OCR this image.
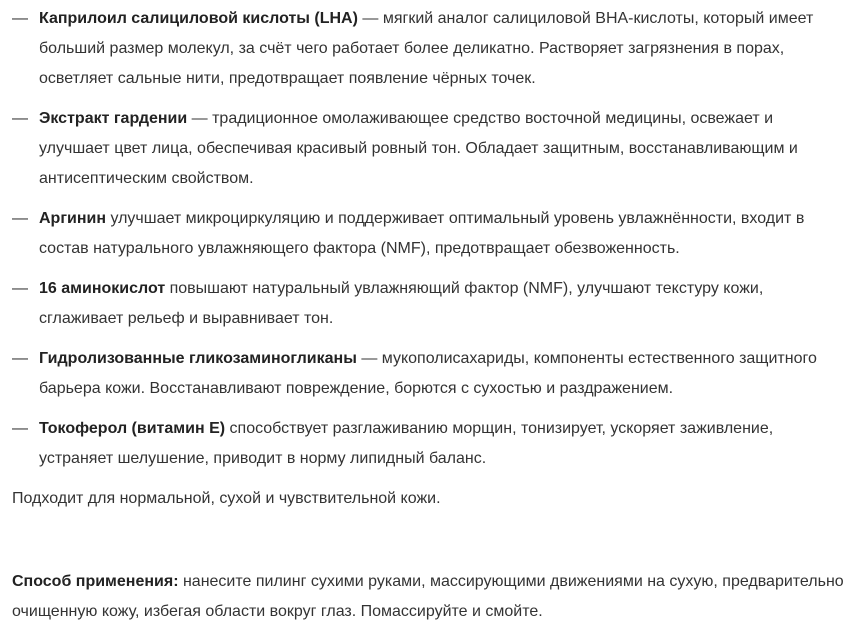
— Каприлоил салициловой кислоты (LHA) — мягкий аналог салициловой BHA-кислоты, который имеет больший размер молекул, за счёт чего работает более деликатно. Растворяет загрязнения в порах, осветляет сальные нити, предотвращает появление чёрных точек.
— Экстракт гардении — традиционное омолаживающее средство восточной медицины, освежает и улучшает цвет лица, обеспечивая красивый ровный тон. Обладает защитным, восстанавливающим и антисептическим свойством.
— Аргинин улучшает микроциркуляцию и поддерживает оптимальный уровень увлажнённости, входит в состав натурального увлажняющего фактора (NMF), предотвращает обезвоженность.
— 16 аминокислот повышают натуральный увлажняющий фактор (NMF), улучшают текстуру кожи, сглаживает рельеф и выравнивает тон.
— Гидролизованные гликозаминогликаны — мукополисахариды, компоненты естественного защитного барьера кожи. Восстанавливают повреждение, борются с сухостью и раздражением.
— Токоферол (витамин Е) способствует разглаживанию морщин, тонизирует, ускоряет заживление, устраняет шелушение, приводит в норму липидный баланс.

Подходит для нормальной, сухой и чувствительной кожи.

Способ применения: нанесите пилинг сухими руками, массирующими движениями на сухую, предварительно очищенную кожу, избегая области вокруг глаз. Помассируйте и смойте.
